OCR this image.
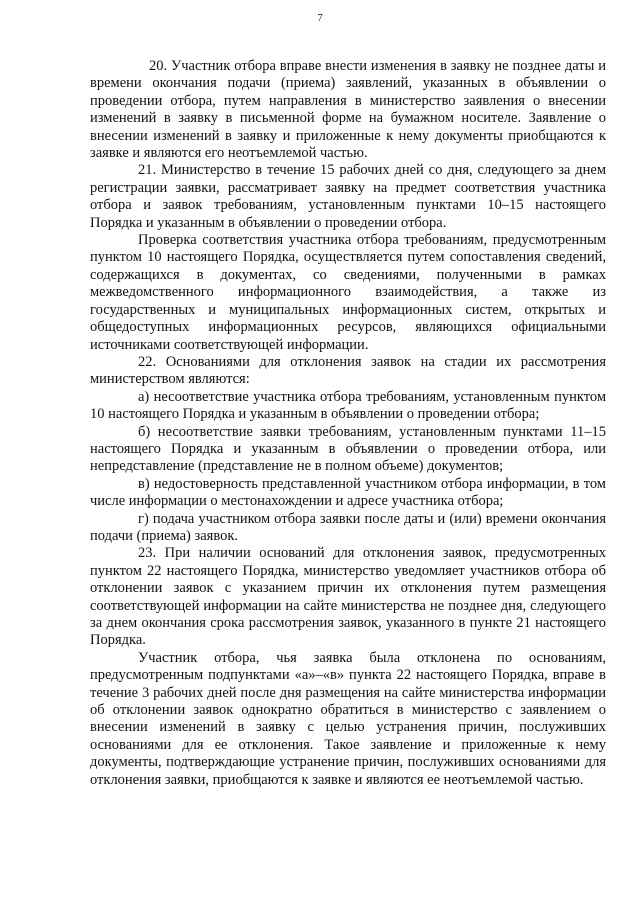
7

20. Участник отбора вправе внести изменения в заявку не позднее даты и времени окончания подачи (приема) заявлений, указанных в объявлении о проведении отбора, путем направления в министерство заявления о внесении изменений в заявку в письменной форме на бумажном носителе. Заявление о внесении изменений в заявку и приложенные к нему документы приобщаются к заявке и являются его неотъемлемой частью.

21. Министерство в течение 15 рабочих дней со дня, следующего за днем регистрации заявки, рассматривает заявку на предмет соответствия участника отбора и заявок требованиям, установленным пунктами 10–15 настоящего Порядка и указанным в объявлении о проведении отбора.

Проверка соответствия участника отбора требованиям, предусмотренным пунктом 10 настоящего Порядка, осуществляется путем сопоставления сведений, содержащихся в документах, со сведениями, полученными в рамках межведомственного информационного взаимодействия, а также из государственных и муниципальных информационных систем, открытых и общедоступных информационных ресурсов, являющихся официальными источниками соответствующей информации.

22. Основаниями для отклонения заявок на стадии их рассмотрения министерством являются:

а) несоответствие участника отбора требованиям, установленным пунктом 10 настоящего Порядка и указанным в объявлении о проведении отбора;

б) несоответствие заявки требованиям, установленным пунктами 11–15 настоящего Порядка и указанным в объявлении о проведении отбора, или непредставление (представление не в полном объеме) документов;

в) недостоверность представленной участником отбора информации, в том числе информации о местонахождении и адресе участника отбора;

г) подача участником отбора заявки после даты и (или) времени окончания подачи (приема) заявок.

23. При наличии оснований для отклонения заявок, предусмотренных пунктом 22 настоящего Порядка, министерство уведомляет участников отбора об отклонении заявок с указанием причин их отклонения путем размещения соответствующей информации на сайте министерства не позднее дня, следующего за днем окончания срока рассмотрения заявок, указанного в пункте 21 настоящего Порядка.

Участник отбора, чья заявка была отклонена по основаниям, предусмотренным подпунктами «а»–«в» пункта 22 настоящего Порядка, вправе в течение 3 рабочих дней после дня размещения на сайте министерства информации об отклонении заявок однократно обратиться в министерство с заявлением о внесении изменений в заявку с целью устранения причин, послуживших основаниями для ее отклонения. Такое заявление и приложенные к нему документы, подтверждающие устранение причин, послуживших основаниями для отклонения заявки, приобщаются к заявке и являются ее неотъемлемой частью.
